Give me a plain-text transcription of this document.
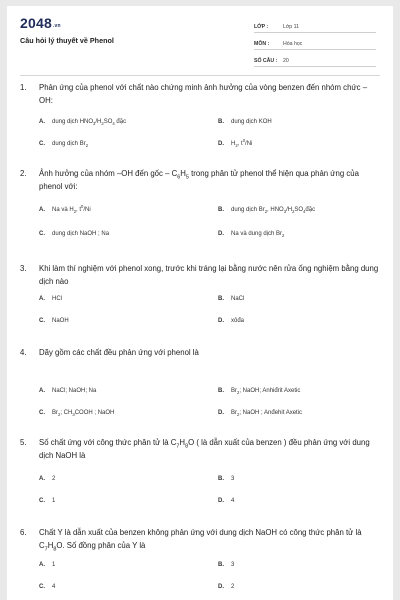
2048.vn
Câu hỏi lý thuyết về Phenol
LỚP :	Lớp 11
MÔN :	Hóa học
SỐ CÂU : 20
1. Phản ứng của phenol với chất nào chứng minh ảnh hưởng của vòng benzen đến nhóm chức – OH:
A. dung dịch $HNO_3/H_2SO_4$ đặc	B. dung dịch KOH
C. dung dịch $Br_2$	D. $H_2$, $t^0/Ni$
2. Ảnh hưởng của nhóm –OH đến gốc – $C_6H_5$ trong phân tử phenol thể hiện qua phản ứng của phenol với:
A. Na và $H_2$, $t^0/Ni$	B. dung dịch $Br_2$, $HNO_3/H_2SO_4đặc$
C. dung dịch NaOH ; Na	D. Na và dung dịch $Br_2$
3. Khi làm thí nghiệm với phenol xong, trước khi tráng lại bằng nước nên rửa ống nghiệm bằng dung dịch nào
A. HCl	B. NaCl
C. NaOH	D. xôđa
4. Dãy gồm các chất đều phản ứng với phenol là
A. NaCl; NaOH; Na	B. $Br_2$; NaOH; Anhiđrit Axetic
C. $Br_2$; $CH_3COOH$ ; NaOH	D. $Br_2$; NaOH ; Anđehit Axetic
5. Số chất ứng với công thức phân tử là $C_7H_8O$ ( là dẫn xuất của benzen ) đều phản ứng với dung dịch NaOH là
A. 2	B. 3
C. 1	D. 4
6. Chất Y là dẫn xuất của benzen không phản ứng với dung dịch NaOH có công thức phân tử là $C_7H_8O$. Số đồng phân của Y là
A. 1	B. 3
C. 4	D. 2
